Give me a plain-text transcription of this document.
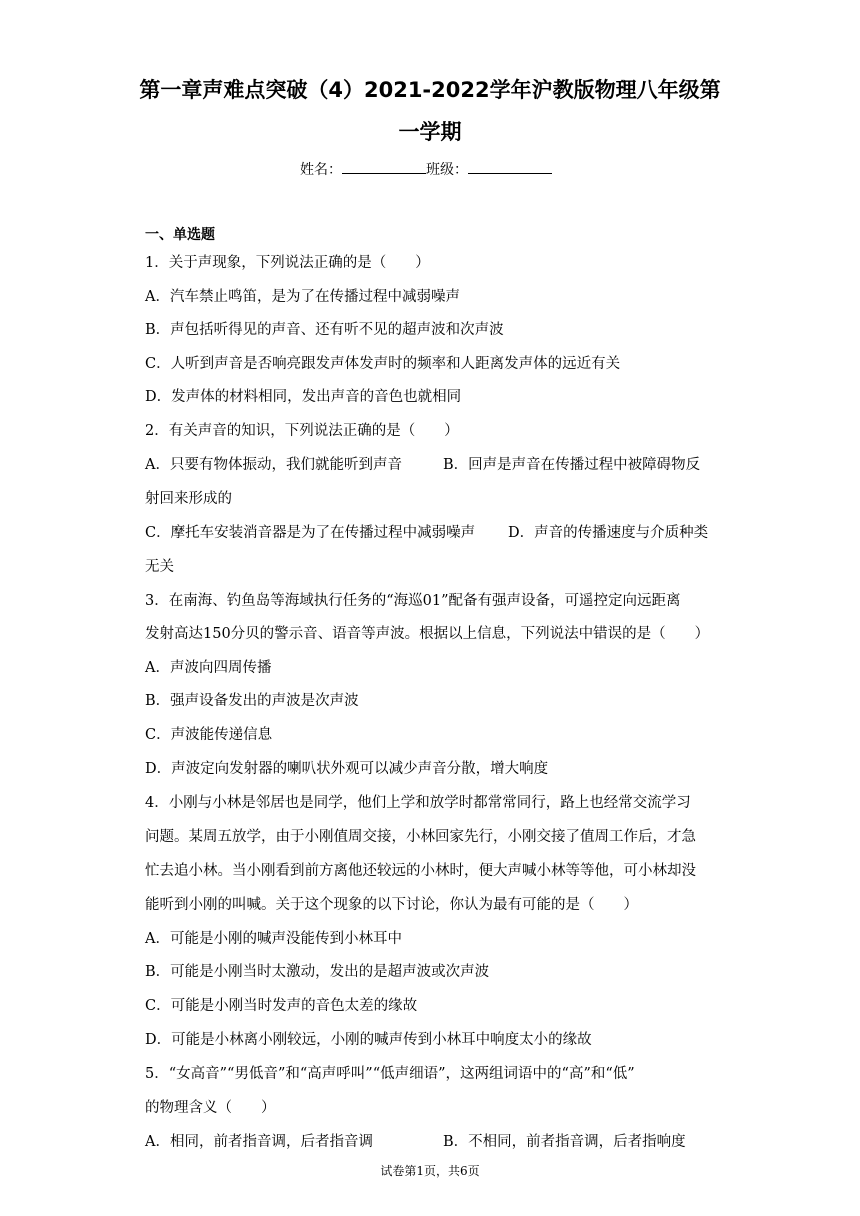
第一章声难点突破（4）2021-2022学年沪教版物理八年级第
一学期
姓名：	班级：
一、单选题
1．关于声现象，下列说法正确的是（　　）
A．汽车禁止鸣笛，是为了在传播过程中减弱噪声
B．声包括听得见的声音、还有听不见的超声波和次声波
C．人听到声音是否响亮跟发声体发声时的频率和人距离发声体的远近有关
D．发声体的材料相同，发出声音的音色也就相同
2．有关声音的知识，下列说法正确的是（　　）
A．只要有物体振动，我们就能听到声音	B．回声是声音在传播过程中被障碍物反
射回来形成的
C．摩托车安装消音器是为了在传播过程中减弱噪声 D．声音的传播速度与介质种类
无关
3．在南海、钓鱼岛等海域执行任务的“海巡01”配备有强声设备，可遥控定向远距离
发射高达150分贝的警示音、语音等声波。根据以上信息，下列说法中错误的是（　　）
A．声波向四周传播
B．强声设备发出的声波是次声波
C．声波能传递信息
D．声波定向发射器的喇叭状外观可以减少声音分散，增大响度
4．小刚与小林是邻居也是同学，他们上学和放学时都常常同行，路上也经常交流学习
问题。某周五放学，由于小刚值周交接，小林回家先行，小刚交接了值周工作后，才急
忙去追小林。当小刚看到前方离他还较远的小林时，便大声喊小林等等他，可小林却没
能听到小刚的叫喊。关于这个现象的以下讨论，你认为最有可能的是（　　）
A．可能是小刚的喊声没能传到小林耳中
B．可能是小刚当时太激动，发出的是超声波或次声波
C．可能是小刚当时发声的音色太差的缘故
D．可能是小林离小刚较远，小刚的喊声传到小林耳中响度太小的缘故
5．“女高音”“男低音”和“高声呼叫”“低声细语”，这两组词语中的“高”和“低”
的物理含义（　　）
A．相同，前者指音调，后者指音调	B．不相同，前者指音调，后者指响度
试卷第1页，共6页
